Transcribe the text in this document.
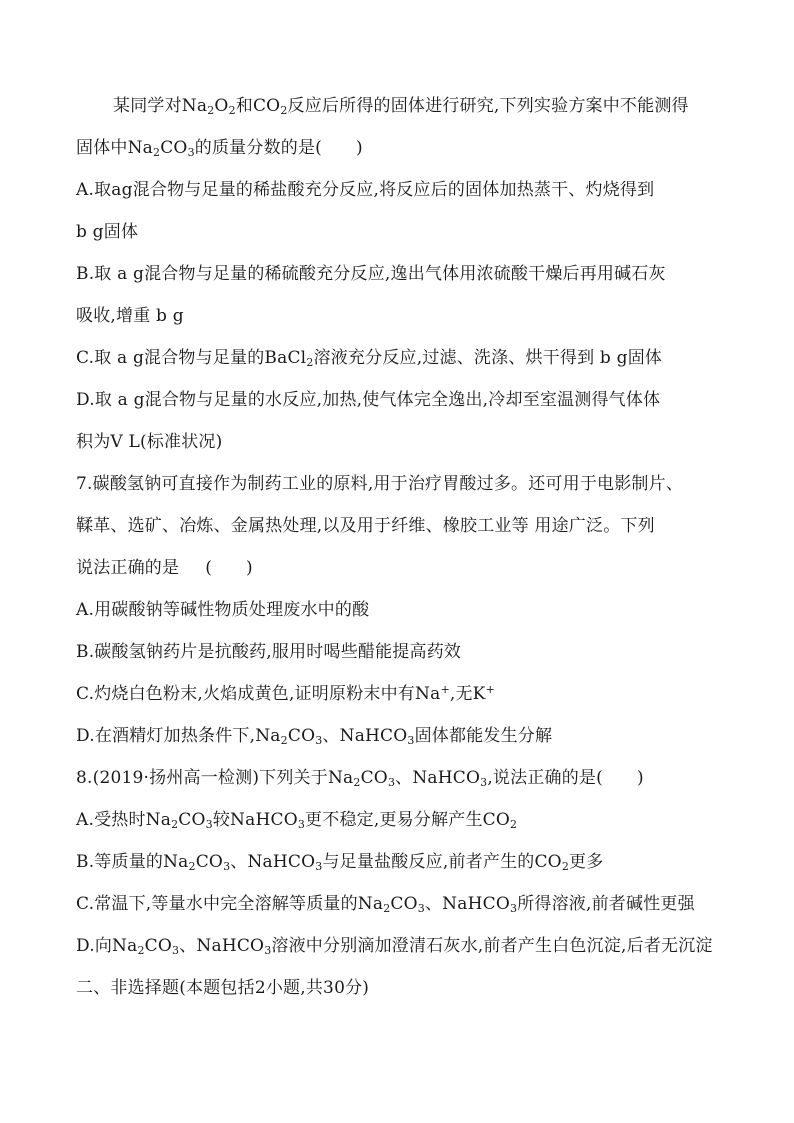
某同学对$Na_2O_2$和$CO_2$反应后所得的固体进行研究,下列实验方案中不能测得

固体中$Na_2CO_3$的质量分数的是( )

A.取ag混合物与足量的稀盐酸充分反应,将反应后的固体加热蒸干、灼烧得到

b g固体

B.取 a g混合物与足量的稀硫酸充分反应,逸出气体用浓硫酸干燥后再用碱石灰

吸收,增重 b g

C.取 a g混合物与足量的BaCl$_2$溶液充分反应,过滤、洗涤、烘干得到 b g固体

D.取 a g混合物与足量的水反应,加热,使气体完全逸出,冷却至室温测得气体体

积为V L(标准状况)

7.碳酸氢钠可直接作为制药工业的原料,用于治疗胃酸过多。还可用于电影制片、

鞣革、选矿、冶炼、金属热处理,以及用于纤维、橡胶工业等 用途广泛。下列

说法正确的是 ( )

A.用碳酸钠等碱性物质处理废水中的酸

B.碳酸氢钠药片是抗酸药,服用时喝些醋能提高药效

C.灼烧白色粉末,火焰成黄色,证明原粉末中有Na+,无K+

D.在酒精灯加热条件下$,Na_2CO_3$、NaHCO$_3$固体都能发生分解

8.(2019·扬州高一检测)下列关于$Na_2CO_3$、NaHCO$_3$,说法正确的是( )

A.受热时$Na_2CO_3$较NaHCO$_3$更不稳定,更易分解产生$CO_2$

B.等质量的$Na_2CO_3$、NaHCO$_3$与足量盐酸反应,前者产生的$CO_2$更多

C.常温下,等量水中完全溶解等质量的$Na_2CO_3$、NaHCO$_3$所得溶液,前者碱性更强

D.向$Na_2CO_3$、NaHCO$_3$溶液中分别滴加澄清石灰水,前者产生白色沉淀,后者无沉淀

二、非选择题(本题包括2小题,共30分)
